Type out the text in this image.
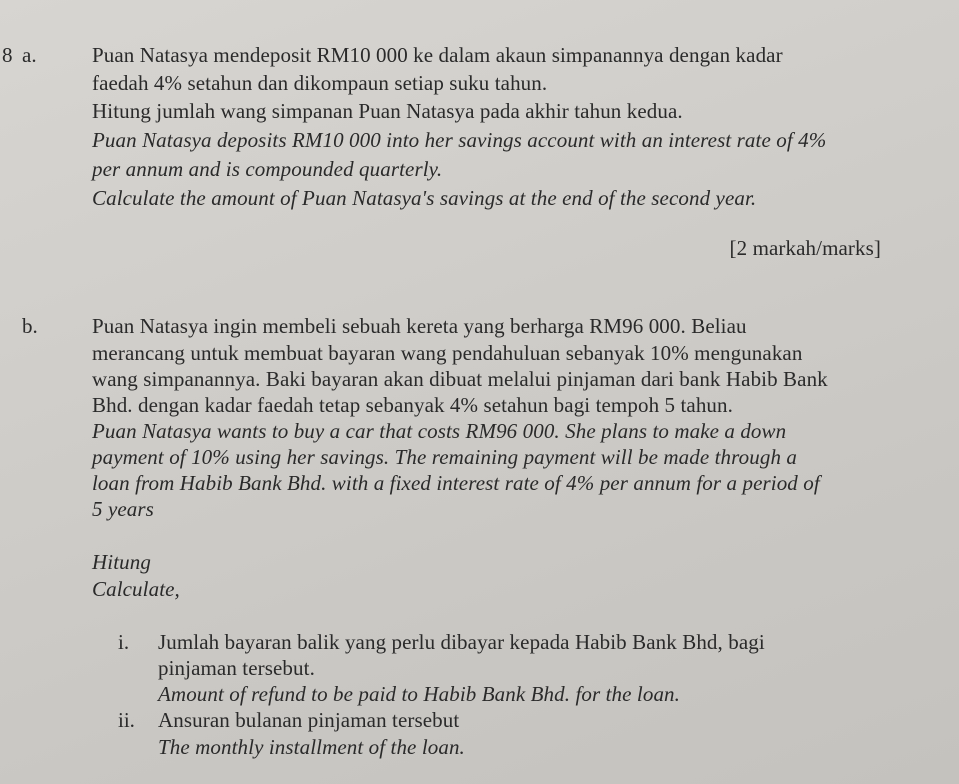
8 a.	Puan Natasya mendeposit RM10 000 ke dalam akaun simpanannya dengan kadar
faedah 4% setahun dan dikompaun setiap suku tahun.
Hitung jumlah wang simpanan Puan Natasya pada akhir tahun kedua.
Puan Natasya deposits RM10 000 into her savings account with an interest rate of 4%
per annum and is compounded quarterly.
Calculate the amount of Puan Natasya's savings at the end of the second year.
[2 markah/marks]
b.	Puan Natasya ingin membeli sebuah kereta yang berharga RM96 000. Beliau
merancang untuk membuat bayaran wang pendahuluan sebanyak 10% mengunakan
wang simpanannya. Baki bayaran akan dibuat melalui pinjaman dari bank Habib Bank
Bhd. dengan kadar faedah tetap sebanyak 4% setahun bagi tempoh 5 tahun.
Puan Natasya wants to buy a car that costs RM96 000. She plans to make a down
payment of 10% using her savings. The remaining payment will be made through a
loan from Habib Bank Bhd. with a fixed interest rate of 4% per annum for a period of
5 years
Hitung
Calculate,
i. Jumlah bayaran balik yang perlu dibayar kepada Habib Bank Bhd, bagi
pinjaman tersebut.
Amount of refund to be paid to Habib Bank Bhd. for the loan.
ii. Ansuran bulanan pinjaman tersebut
The monthly installment of the loan.
